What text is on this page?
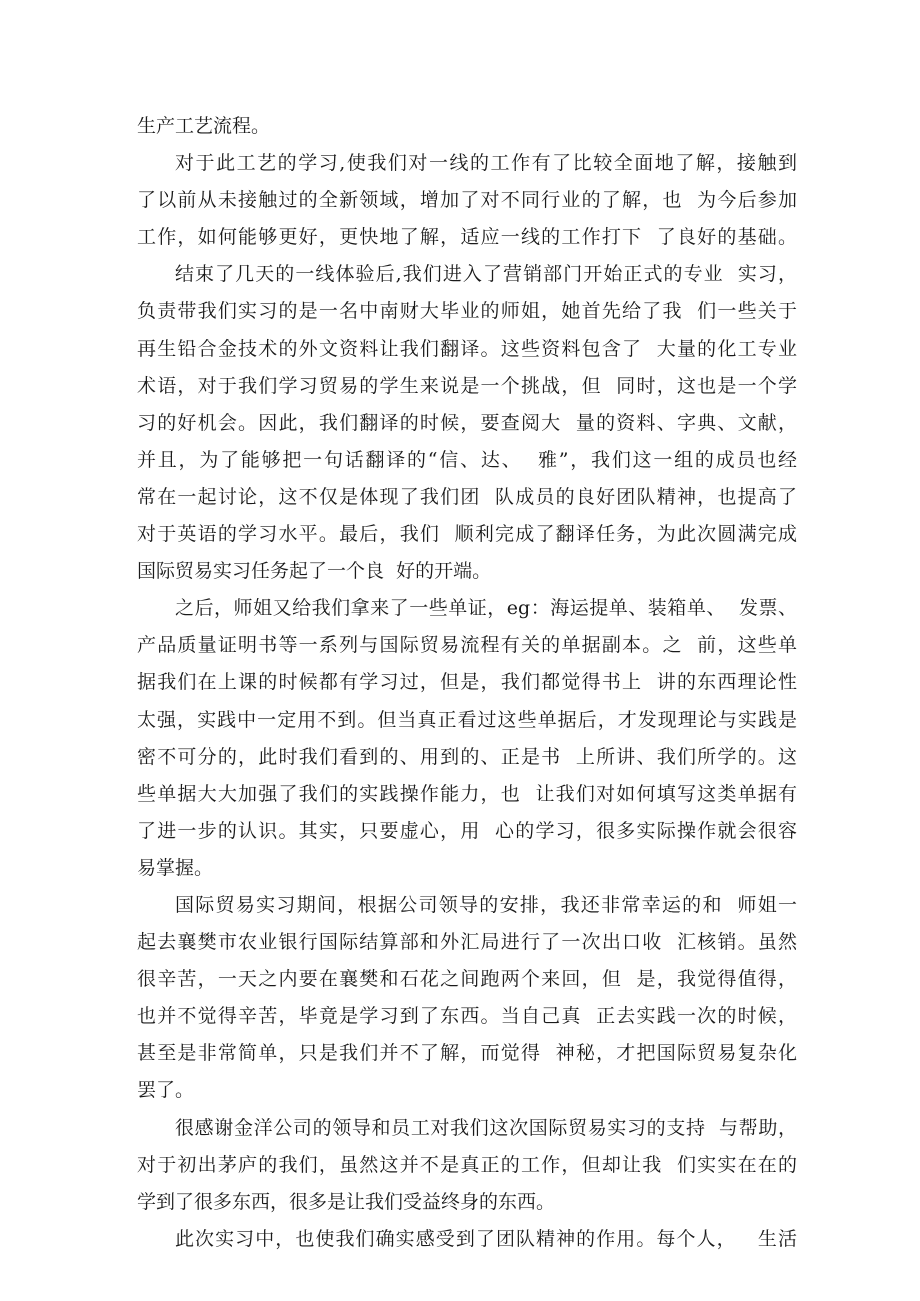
生产工艺流程。
对于此工艺的学习,使我们对一线的工作有了比较全面地了解，接触到
了以前从未接触过的全新领域，增加了对不同行业的了解，也  为今后参加
工作，如何能够更好，更快地了解，适应一线的工作打下  了良好的基础。
结束了几天的一线体验后,我们进入了营销部门开始正式的专业  实习，
负责带我们实习的是一名中南财大毕业的师姐，她首先给了我  们一些关于
再生铅合金技术的外文资料让我们翻译。这些资料包含了  大量的化工专业
术语，对于我们学习贸易的学生来说是一个挑战，但  同时，这也是一个学
习的好机会。因此，我们翻译的时候，要查阅大  量的资料、字典、文献，
并且，为了能够把一句话翻译的“信、达、  雅”，我们这一组的成员也经
常在一起讨论，这不仅是体现了我们团  队成员的良好团队精神，也提高了
对于英语的学习水平。最后，我们  顺利完成了翻译任务，为此次圆满完成
国际贸易实习任务起了一个良  好的开端。
之后，师姐又给我们拿来了一些单证，eg：海运提单、装箱单、  发票、
产品质量证明书等一系列与国际贸易流程有关的单据副本。之  前，这些单
据我们在上课的时候都有学习过，但是，我们都觉得书上  讲的东西理论性
太强，实践中一定用不到。但当真正看过这些单据后，才发现理论与实践是
密不可分的，此时我们看到的、用到的、正是书  上所讲、我们所学的。这
些单据大大加强了我们的实践操作能力，也  让我们对如何填写这类单据有
了进一步的认识。其实，只要虚心，用  心的学习，很多实际操作就会很容
易掌握。
国际贸易实习期间，根据公司领导的安排，我还非常幸运的和  师姐一
起去襄樊市农业银行国际结算部和外汇局进行了一次出口收  汇核销。虽然
很辛苦，一天之内要在襄樊和石花之间跑两个来回，但  是，我觉得值得，
也并不觉得辛苦，毕竟是学习到了东西。当自己真  正去实践一次的时候，
甚至是非常简单，只是我们并不了解，而觉得  神秘，才把国际贸易复杂化
罢了。
很感谢金洋公司的领导和员工对我们这次国际贸易实习的支持  与帮助，
对于初出茅庐的我们，虽然这并不是真正的工作，但却让我  们实实在在的
学到了很多东西，很多是让我们受益终身的东西。
此次实习中，也使我们确实感受到了团队精神的作用。每个人，   生活
